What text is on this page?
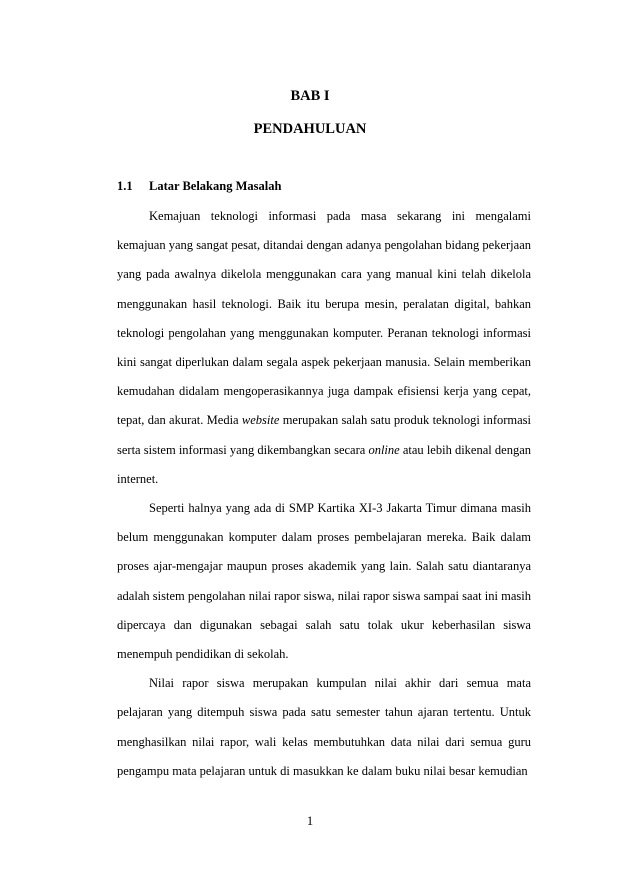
BAB I
PENDAHULUAN
1.1 Latar Belakang Masalah

Kemajuan teknologi informasi pada masa sekarang ini mengalami kemajuan yang sangat pesat, ditandai dengan adanya pengolahan bidang pekerjaan yang pada awalnya dikelola menggunakan cara yang manual kini telah dikelola menggunakan hasil teknologi. Baik itu berupa mesin, peralatan digital, bahkan teknologi pengolahan yang menggunakan komputer. Peranan teknologi informasi kini sangat diperlukan dalam segala aspek pekerjaan manusia. Selain memberikan kemudahan didalam mengoperasikannya juga dampak efisiensi kerja yang cepat, tepat, dan akurat. Media website merupakan salah satu produk teknologi informasi serta sistem informasi yang dikembangkan secara online atau lebih dikenal dengan internet.

Seperti halnya yang ada di SMP Kartika XI-3 Jakarta Timur dimana masih belum menggunakan komputer dalam proses pembelajaran mereka. Baik dalam proses ajar-mengajar maupun proses akademik yang lain. Salah satu diantaranya adalah sistem pengolahan nilai rapor siswa, nilai rapor siswa sampai saat ini masih dipercaya dan digunakan sebagai salah satu tolak ukur keberhasilan siswa menempuh pendidikan di sekolah.

Nilai rapor siswa merupakan kumpulan nilai akhir dari semua mata pelajaran yang ditempuh siswa pada satu semester tahun ajaran tertentu. Untuk menghasilkan nilai rapor, wali kelas membutuhkan data nilai dari semua guru pengampu mata pelajaran untuk di masukkan ke dalam buku nilai besar kemudian

1
